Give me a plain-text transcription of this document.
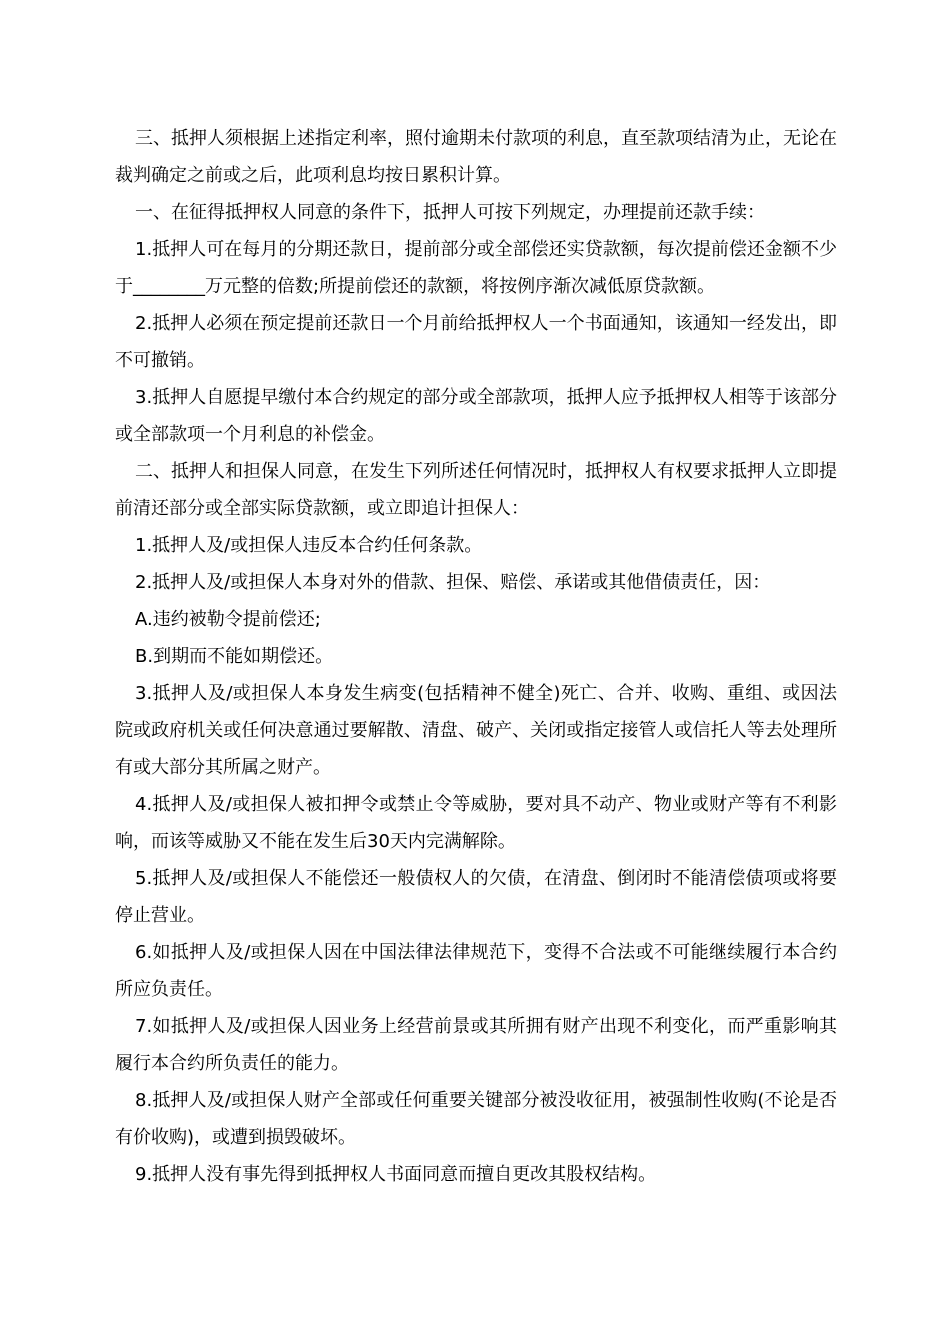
三、抵押人须根据上述指定利率，照付逾期未付款项的利息，直至款项结清为止，无论在裁判确定之前或之后，此项利息均按日累积计算。

一、在征得抵押权人同意的条件下，抵押人可按下列规定，办理提前还款手续：

1.抵押人可在每月的分期还款日，提前部分或全部偿还实贷款额，每次提前偿还金额不少于________万元整的倍数;所提前偿还的款额，将按例序渐次减低原贷款额。

2.抵押人必须在预定提前还款日一个月前给抵押权人一个书面通知，该通知一经发出，即不可撤销。

3.抵押人自愿提早缴付本合约规定的部分或全部款项，抵押人应予抵押权人相等于该部分或全部款项一个月利息的补偿金。

二、抵押人和担保人同意，在发生下列所述任何情况时，抵押权人有权要求抵押人立即提前清还部分或全部实际贷款额，或立即追计担保人：

1.抵押人及/或担保人违反本合约任何条款。

2.抵押人及/或担保人本身对外的借款、担保、赔偿、承诺或其他借债责任，因：

A.违约被勒令提前偿还;

B.到期而不能如期偿还。

3.抵押人及/或担保人本身发生病变(包括精神不健全)死亡、合并、收购、重组、或因法院或政府机关或任何决意通过要解散、清盘、破产、关闭或指定接管人或信托人等去处理所有或大部分其所属之财产。

4.抵押人及/或担保人被扣押令或禁止令等威胁，要对具不动产、物业或财产等有不利影响，而该等威胁又不能在发生后30天内完满解除。

5.抵押人及/或担保人不能偿还一般债权人的欠债，在清盘、倒闭时不能清偿债项或将要停止营业。

6.如抵押人及/或担保人因在中国法律法律规范下，变得不合法或不可能继续履行本合约所应负责任。

7.如抵押人及/或担保人因业务上经营前景或其所拥有财产出现不利变化，而严重影响其履行本合约所负责任的能力。

8.抵押人及/或担保人财产全部或任何重要关键部分被没收征用，被强制性收购(不论是否有价收购)，或遭到损毁破坏。

9.抵押人没有事先得到抵押权人书面同意而擅自更改其股权结构。
